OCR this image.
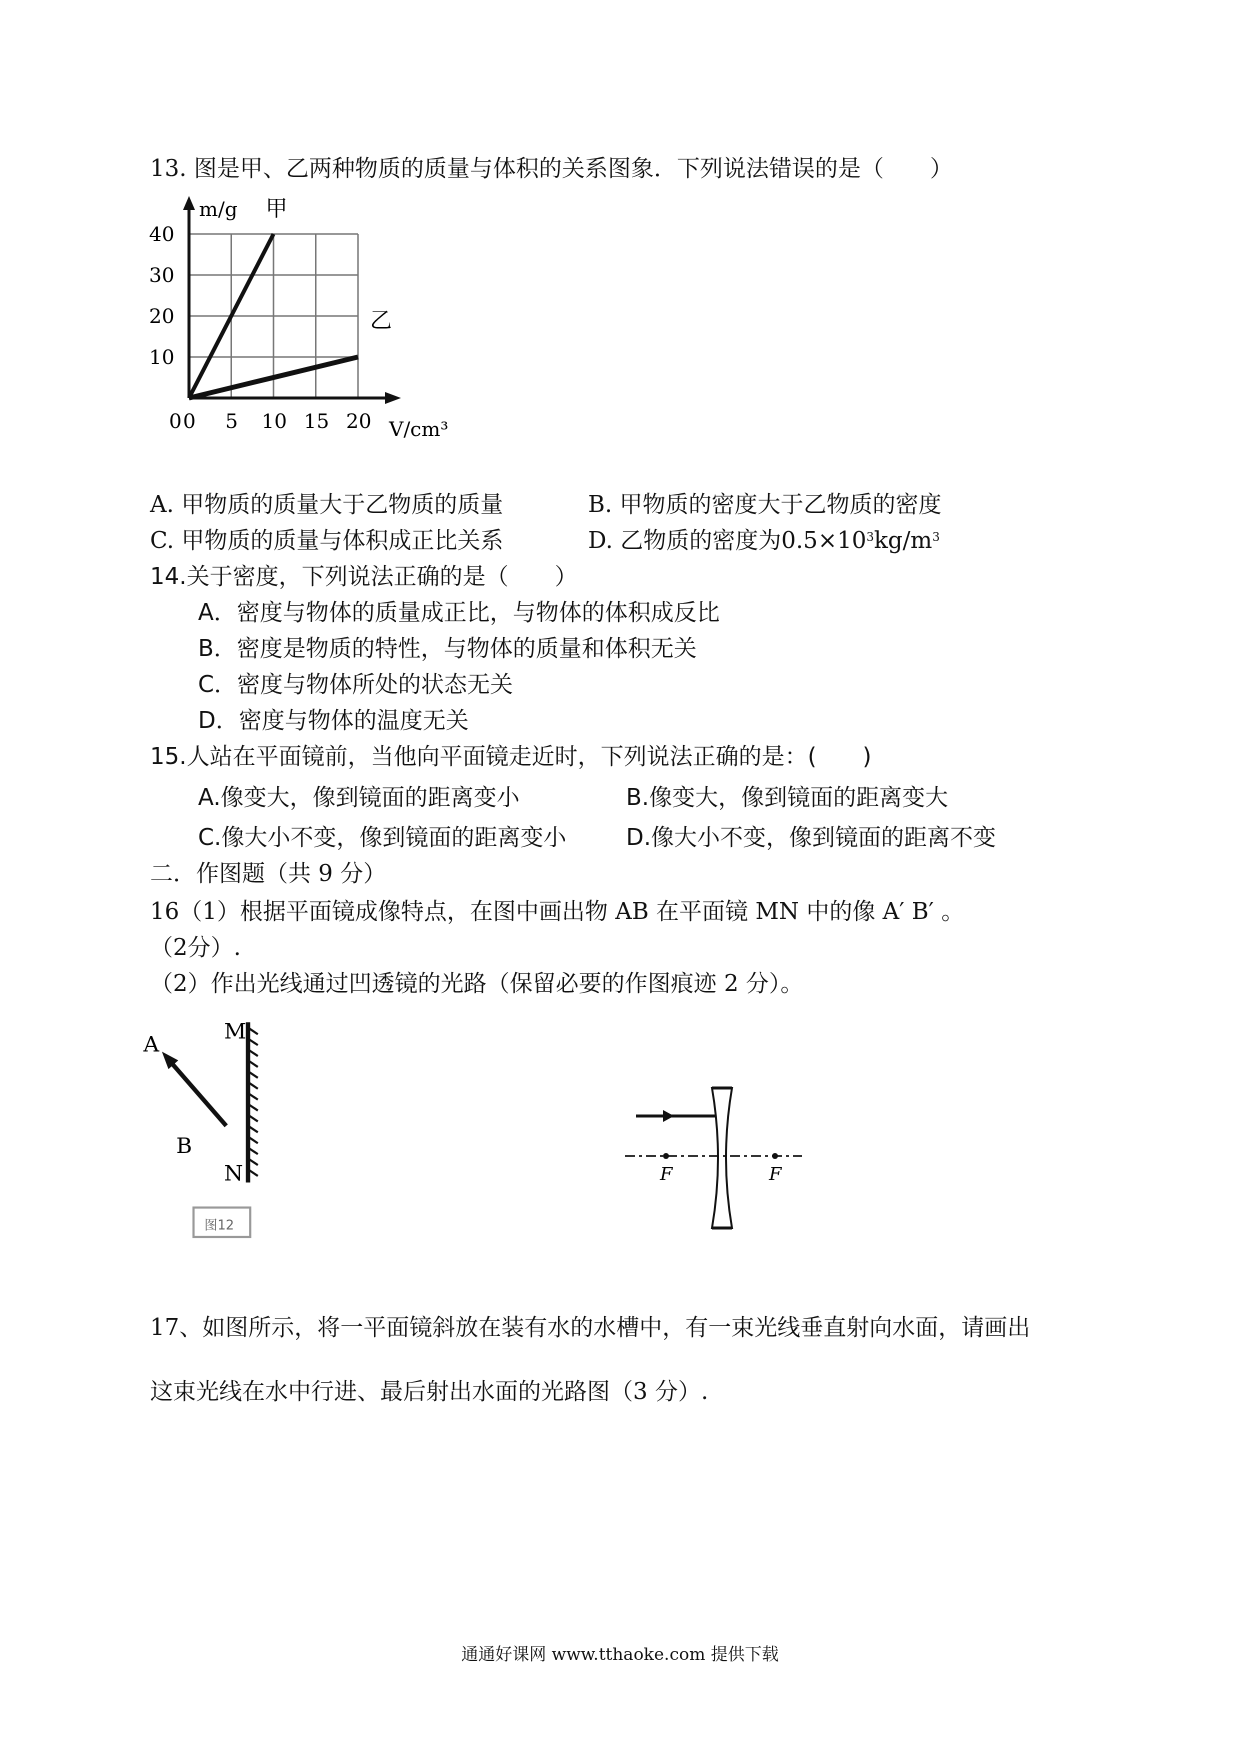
13. 图是甲、乙两种物质的质量与体积的关系图象．下列说法错误的是（　　）
0 5 10 15 20
10
20
30
40
0	V/cm³
m/g 甲
乙
A. 甲物质的质量大于乙物质的质量	B. 甲物质的密度大于乙物质的密度
C. 甲物质的质量与体积成正比关系	D. 乙物质的密度为$0.5\times 10^3kg/m^3$
14.关于密度，下列说法正确的是（　　）
A．密度与物体的质量成正比，与物体的体积成反比
B．密度是物质的特性，与物体的质量和体积无关
C．密度与物体所处的状态无关
D．密度与物体的温度无关
15.人站在平面镜前，当他向平面镜走近时，下列说法正确的是：(　　)
A.像变大，像到镜面的距离变小	B.像变大，像到镜面的距离变大
C.像大小不变，像到镜面的距离变小	D.像大小不变，像到镜面的距离不变
二．作图题（共 9 分）
16（1）根据平面镜成像特点，在图中画出物 AB 在平面镜 MN 中的像 A′ B′ 。
（2分）.
（2）作出光线通过凹透镜的光路（保留必要的作图痕迹 2 分）。
A
B
M
N
图12
F	F
17、如图所示，将一平面镜斜放在装有水的水槽中，有一束光线垂直射向水面，请画出
这束光线在水中行进、最后射出水面的光路图（3 分）.
通通好课网 www.tthaoke.com 提供下载
